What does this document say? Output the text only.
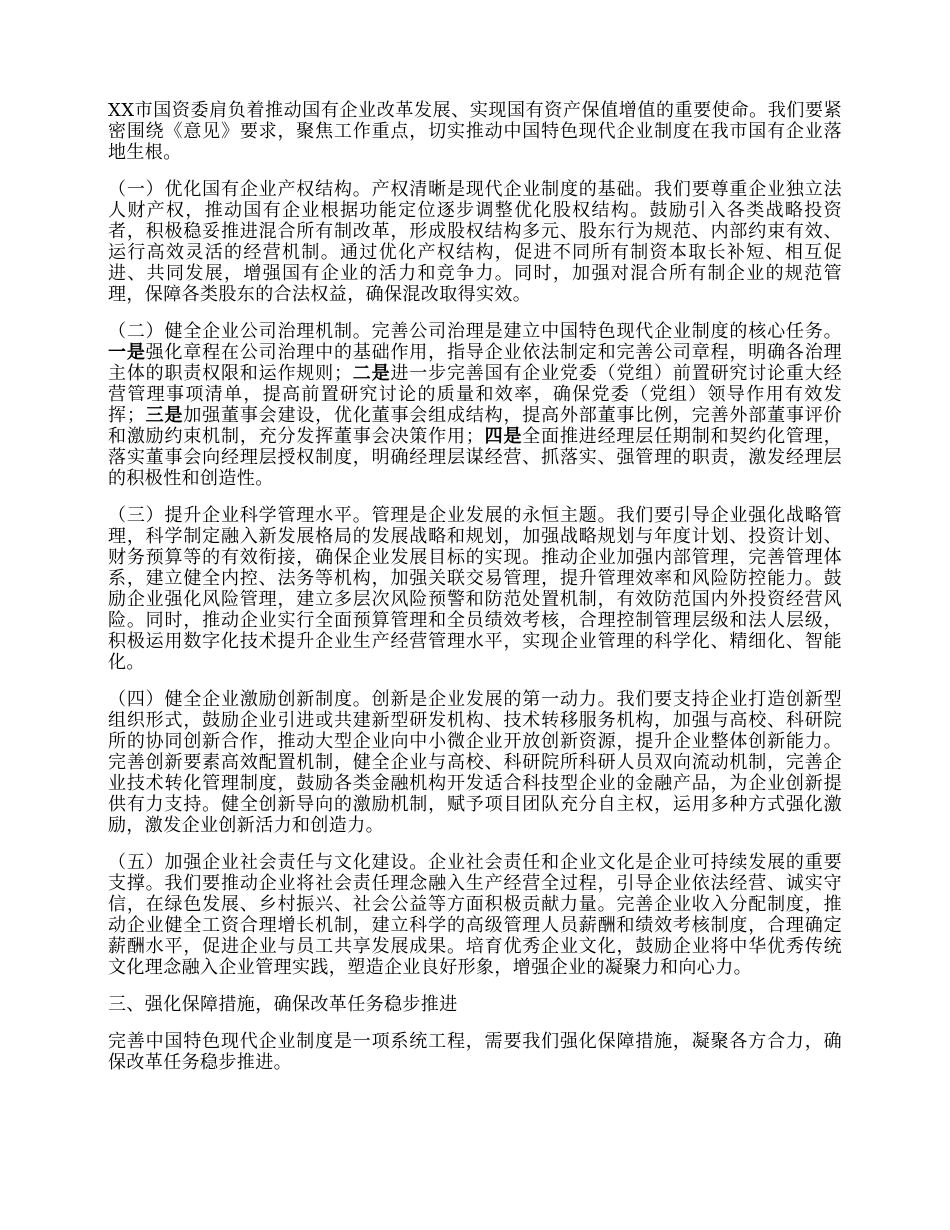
XX市国资委肩负着推动国有企业改革发展、实现国有资产保值增值的重要使命。我们要紧密围绕《意见》要求，聚焦工作重点，切实推动中国特色现代企业制度在我市国有企业落地生根。

（一）优化国有企业产权结构。产权清晰是现代企业制度的基础。我们要尊重企业独立法人财产权，推动国有企业根据功能定位逐步调整优化股权结构。鼓励引入各类战略投资者，积极稳妥推进混合所有制改革，形成股权结构多元、股东行为规范、内部约束有效、运行高效灵活的经营机制。通过优化产权结构，促进不同所有制资本取长补短、相互促进、共同发展，增强国有企业的活力和竞争力。同时，加强对混合所有制企业的规范管理，保障各类股东的合法权益，确保混改取得实效。

（二）健全企业公司治理机制。完善公司治理是建立中国特色现代企业制度的核心任务。一是强化章程在公司治理中的基础作用，指导企业依法制定和完善公司章程，明确各治理主体的职责权限和运作规则；二是进一步完善国有企业党委（党组）前置研究讨论重大经营管理事项清单，提高前置研究讨论的质量和效率，确保党委（党组）领导作用有效发挥；三是加强董事会建设，优化董事会组成结构，提高外部董事比例，完善外部董事评价和激励约束机制，充分发挥董事会决策作用；四是全面推进经理层任期制和契约化管理，落实董事会向经理层授权制度，明确经理层谋经营、抓落实、强管理的职责，激发经理层的积极性和创造性。

（三）提升企业科学管理水平。管理是企业发展的永恒主题。我们要引导企业强化战略管理，科学制定融入新发展格局的发展战略和规划，加强战略规划与年度计划、投资计划、财务预算等的有效衔接，确保企业发展目标的实现。推动企业加强内部管理，完善管理体系，建立健全内控、法务等机构，加强关联交易管理，提升管理效率和风险防控能力。鼓励企业强化风险管理，建立多层次风险预警和防范处置机制，有效防范国内外投资经营风险。同时，推动企业实行全面预算管理和全员绩效考核，合理控制管理层级和法人层级，积极运用数字化技术提升企业生产经营管理水平，实现企业管理的科学化、精细化、智能化。

（四）健全企业激励创新制度。创新是企业发展的第一动力。我们要支持企业打造创新型组织形式，鼓励企业引进或共建新型研发机构、技术转移服务机构，加强与高校、科研院所的协同创新合作，推动大型企业向中小微企业开放创新资源，提升企业整体创新能力。完善创新要素高效配置机制，健全企业与高校、科研院所科研人员双向流动机制，完善企业技术转化管理制度，鼓励各类金融机构开发适合科技型企业的金融产品，为企业创新提供有力支持。健全创新导向的激励机制，赋予项目团队充分自主权，运用多种方式强化激励，激发企业创新活力和创造力。

（五）加强企业社会责任与文化建设。企业社会责任和企业文化是企业可持续发展的重要支撑。我们要推动企业将社会责任理念融入生产经营全过程，引导企业依法经营、诚实守信，在绿色发展、乡村振兴、社会公益等方面积极贡献力量。完善企业收入分配制度，推动企业健全工资合理增长机制，建立科学的高级管理人员薪酬和绩效考核制度，合理确定薪酬水平，促进企业与员工共享发展成果。培育优秀企业文化，鼓励企业将中华优秀传统文化理念融入企业管理实践，塑造企业良好形象，增强企业的凝聚力和向心力。

三、强化保障措施，确保改革任务稳步推进

完善中国特色现代企业制度是一项系统工程，需要我们强化保障措施，凝聚各方合力，确保改革任务稳步推进。
